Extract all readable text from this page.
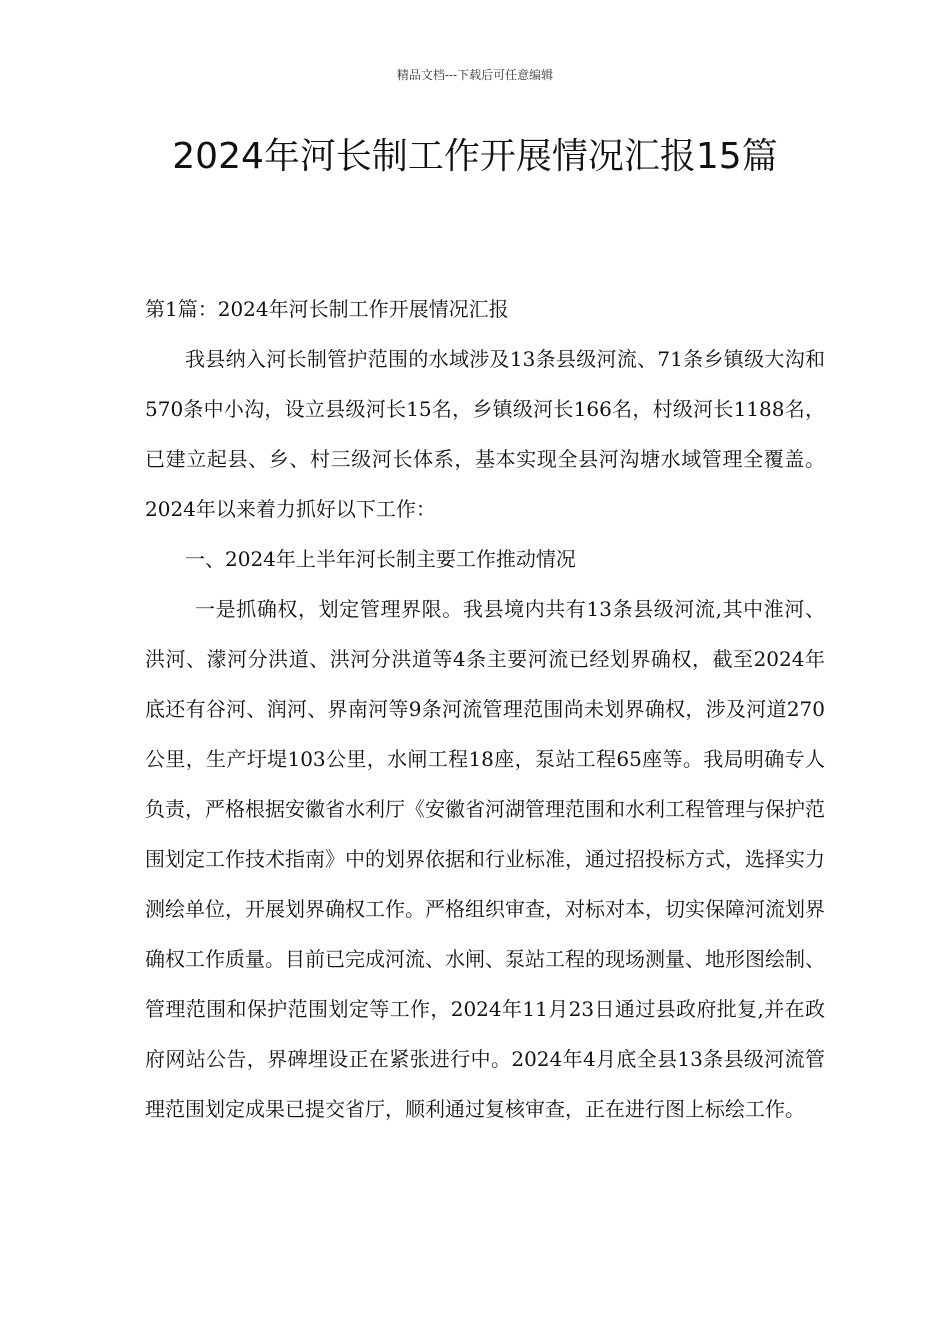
精品文档---下载后可任意编辑
2024年河长制工作开展情况汇报15篇

第1篇：2024年河长制工作开展情况汇报

我县纳入河长制管护范围的水域涉及13条县级河流、71条乡镇级大沟和570条中小沟，设立县级河长15名，乡镇级河长166名，村级河长1188名，已建立起县、乡、村三级河长体系，基本实现全县河沟塘水域管理全覆盖。2024年以来着力抓好以下工作：

一、2024年上半年河长制主要工作推动情况

一是抓确权，划定管理界限。我县境内共有13条县级河流,其中淮河、洪河、濛河分洪道、洪河分洪道等4条主要河流已经划界确权，截至2024年底还有谷河、润河、界南河等9条河流管理范围尚未划界确权，涉及河道270公里，生产圩堤103公里，水闸工程18座，泵站工程65座等。我局明确专人负责，严格根据安徽省水利厅《安徽省河湖管理范围和水利工程管理与保护范围划定工作技术指南》中的划界依据和行业标准，通过招投标方式，选择实力测绘单位，开展划界确权工作。严格组织审查，对标对本，切实保障河流划界确权工作质量。目前已完成河流、水闸、泵站工程的现场测量、地形图绘制、管理范围和保护范围划定等工作，2024年11月23日通过县政府批复,并在政府网站公告，界碑埋设正在紧张进行中。2024年4月底全县13条县级河流管理范围划定成果已提交省厅，顺利通过复核审查，正在进行图上标绘工作。
